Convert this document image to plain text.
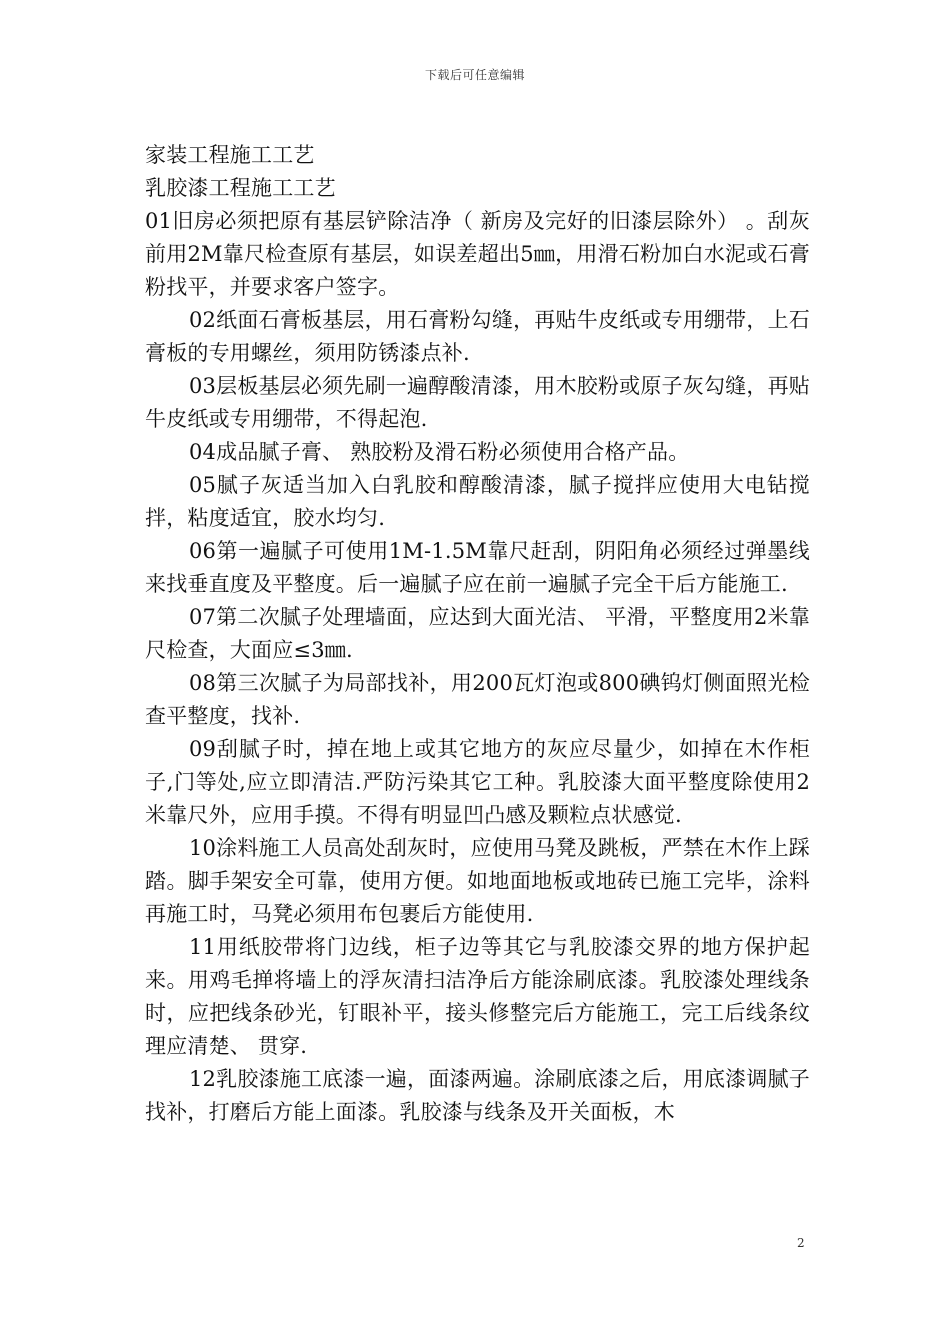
下载后可任意编辑

家装工程施工工艺

乳胶漆工程施工工艺

01旧房必须把原有基层铲除洁净（ 新房及完好的旧漆层除外） 。刮灰前用2M靠尺检查原有基层，如误差超出5㎜，用滑石粉加白水泥或石膏粉找平，并要求客户签字。

02纸面石膏板基层，用石膏粉勾缝，再贴牛皮纸或专用绷带，上石膏板的专用螺丝，须用防锈漆点补.

03层板基层必须先刷一遍醇酸清漆，用木胶粉或原子灰勾缝，再贴牛皮纸或专用绷带，不得起泡.

04成品腻子膏、 熟胶粉及滑石粉必须使用合格产品。

05腻子灰适当加入白乳胶和醇酸清漆，腻子搅拌应使用大电钻搅拌，粘度适宜，胶水均匀.

06第一遍腻子可使用1M-1.5M靠尺赶刮，阴阳角必须经过弹墨线来找垂直度及平整度。后一遍腻子应在前一遍腻子完全干后方能施工.

07第二次腻子处理墙面，应达到大面光洁、 平滑，平整度用2米靠尺检查，大面应≤3㎜.

08第三次腻子为局部找补，用200瓦灯泡或800碘钨灯侧面照光检查平整度，找补.

09刮腻子时，掉在地上或其它地方的灰应尽量少，如掉在木作柜子,门等处,应立即清洁.严防污染其它工种。乳胶漆大面平整度除使用2米靠尺外，应用手摸。不得有明显凹凸感及颗粒点状感觉.

10涂料施工人员高处刮灰时，应使用马凳及跳板，严禁在木作上踩踏。脚手架安全可靠，使用方便。如地面地板或地砖已施工完毕，涂料再施工时，马凳必须用布包裹后方能使用.

11用纸胶带将门边线，柜子边等其它与乳胶漆交界的地方保护起来。用鸡毛掸将墙上的浮灰清扫洁净后方能涂刷底漆。乳胶漆处理线条时，应把线条砂光，钉眼补平，接头修整完后方能施工，完工后线条纹理应清楚、 贯穿.

12乳胶漆施工底漆一遍，面漆两遍。涂刷底漆之后，用底漆调腻子找补，打磨后方能上面漆。乳胶漆与线条及开关面板，木

2
